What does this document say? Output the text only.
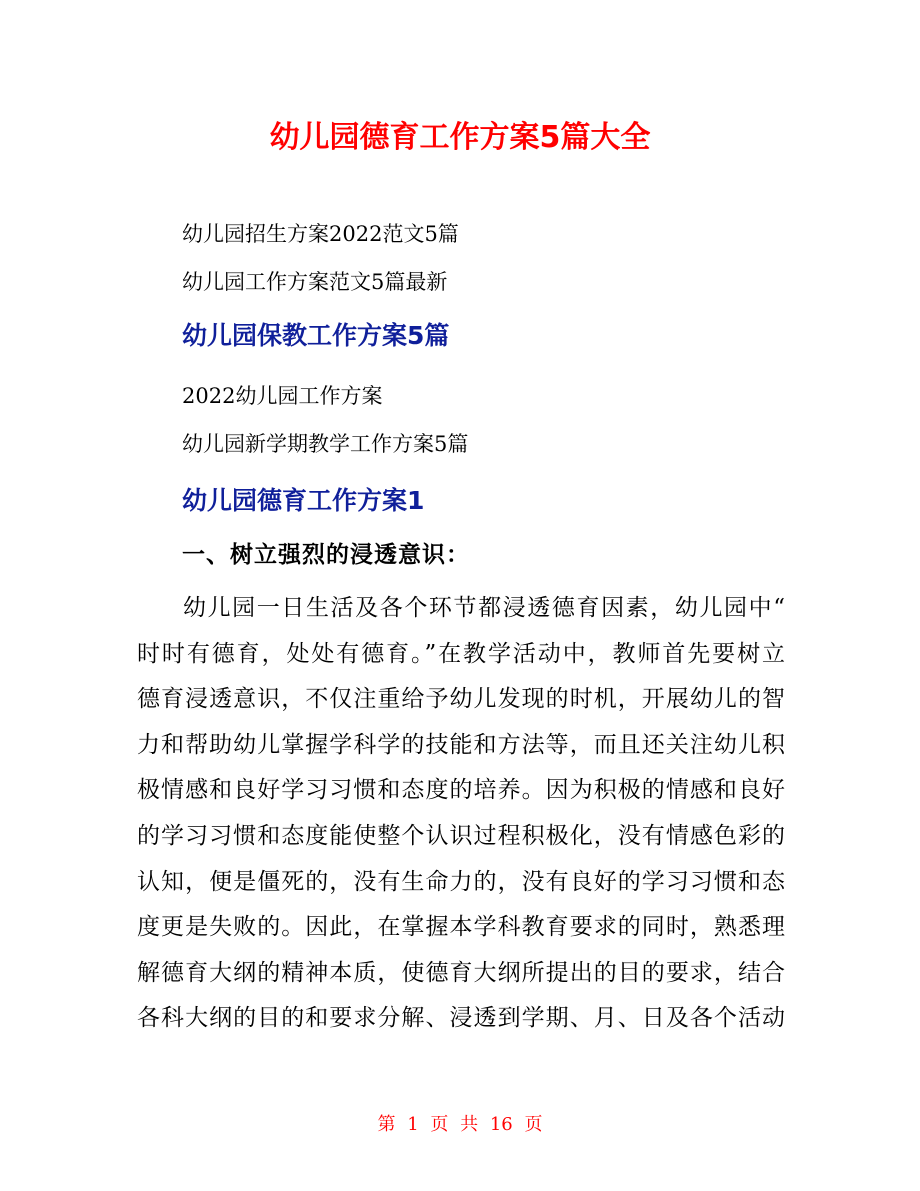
幼儿园德育工作方案5篇大全
幼儿园招生方案2022范文5篇
幼儿园工作方案范文5篇最新
幼儿园保教工作方案5篇
2022幼儿园工作方案
幼儿园新学期教学工作方案5篇
幼儿园德育工作方案1
一、树立强烈的浸透意识：
幼儿园一日生活及各个环节都浸透德育因素，幼儿园中“
时时有德育，处处有德育。”在教学活动中，教师首先要树立
德育浸透意识，不仅注重给予幼儿发现的时机，开展幼儿的智
力和帮助幼儿掌握学科学的技能和方法等，而且还关注幼儿积
极情感和良好学习习惯和态度的培养。因为积极的情感和良好
的学习习惯和态度能使整个认识过程积极化，没有情感色彩的
认知，便是僵死的，没有生命力的，没有良好的学习习惯和态
度更是失败的。因此，在掌握本学科教育要求的同时，熟悉理
解德育大纲的精神本质，使德育大纲所提出的目的要求，结合
各科大纲的目的和要求分解、浸透到学期、月、日及各个活动
第 1 页 共 16 页
